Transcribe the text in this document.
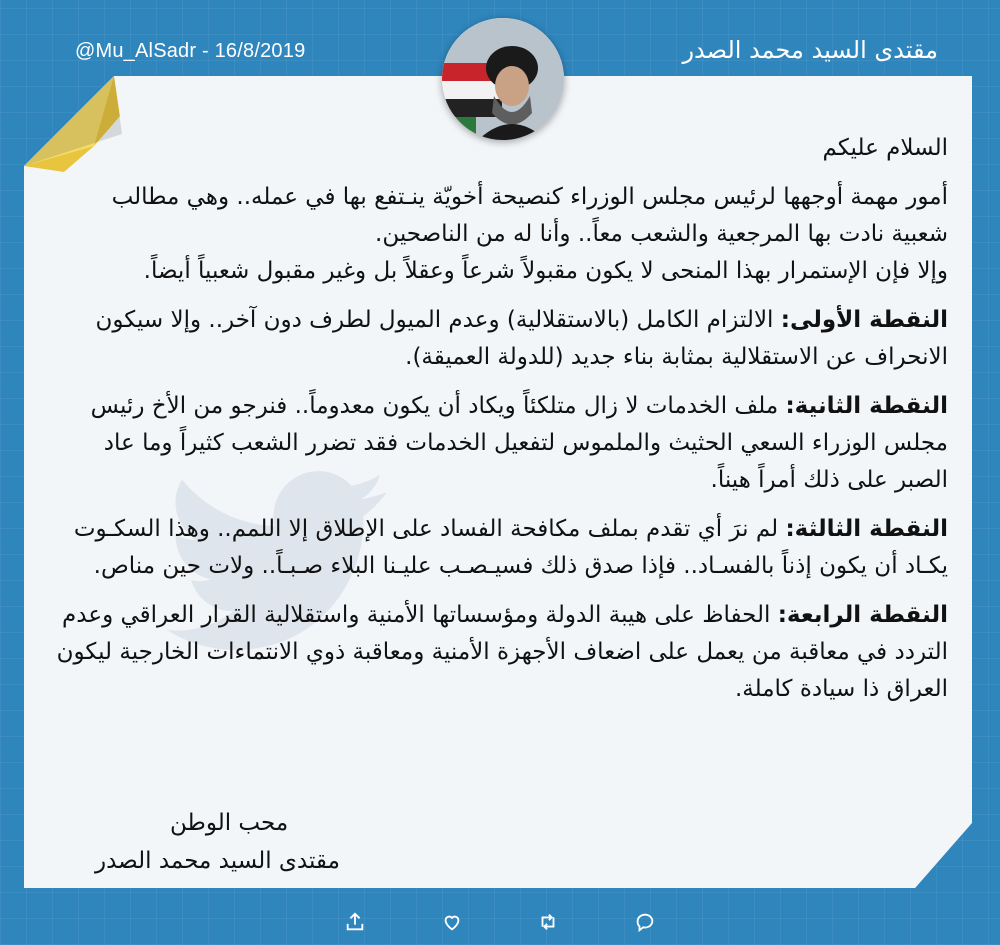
@Mu_AlSadr - 16/8/2019	مقتدى السيد محمد الصدر

السلام عليكم

أمور مهمة أوجهها لرئيس مجلس الوزراء كنصيحة أخويّة ينـتفع بها في عمله.. وهي مطالب شعبية نادت بها المرجعية والشعب معاً.. وأنا له من الناصحين.

وإلا فإن الإستمرار بهذا المنحى لا يكون مقبولاً شرعاً وعقلاً بل وغير مقبول شعبياً أيضاً.

النقطة الأولى: الالتزام الكامل (بالاستقلالية) وعدم الميول لطرف دون آخر.. وإلا سيكون الانحراف عن الاستقلالية بمثابة بناء جديد (للدولة العميقة).

النقطة الثانية: ملف الخدمات لا زال متلكئاً ويكاد أن يكون معدوماً.. فنرجو من الأخ رئيس مجلس الوزراء السعي الحثيث والملموس لتفعيل الخدمات فقد تضرر الشعب كثيراً وما عاد الصبر على ذلك أمراً هيناً.

النقطة الثالثة: لم نرَ أي تقدم بملف مكافحة الفساد على الإطلاق إلا اللمم.. وهذا السكـوت يكـاد أن يكون إذناً بالفسـاد.. فإذا صدق ذلك فسيـصـب عليـنا البلاء صـبـاً.. ولات حين مناص.

النقطة الرابعة: الحفاظ على هيبة الدولة ومؤسساتها الأمنية واستقلالية القرار العراقي وعدم التردد في معاقبة من يعمل على اضعاف الأجهزة الأمنية ومعاقبة ذوي الانتماءات الخارجية ليكون العراق ذا سيادة كاملة.

محب الوطن
مقتدى السيد محمد الصدر
